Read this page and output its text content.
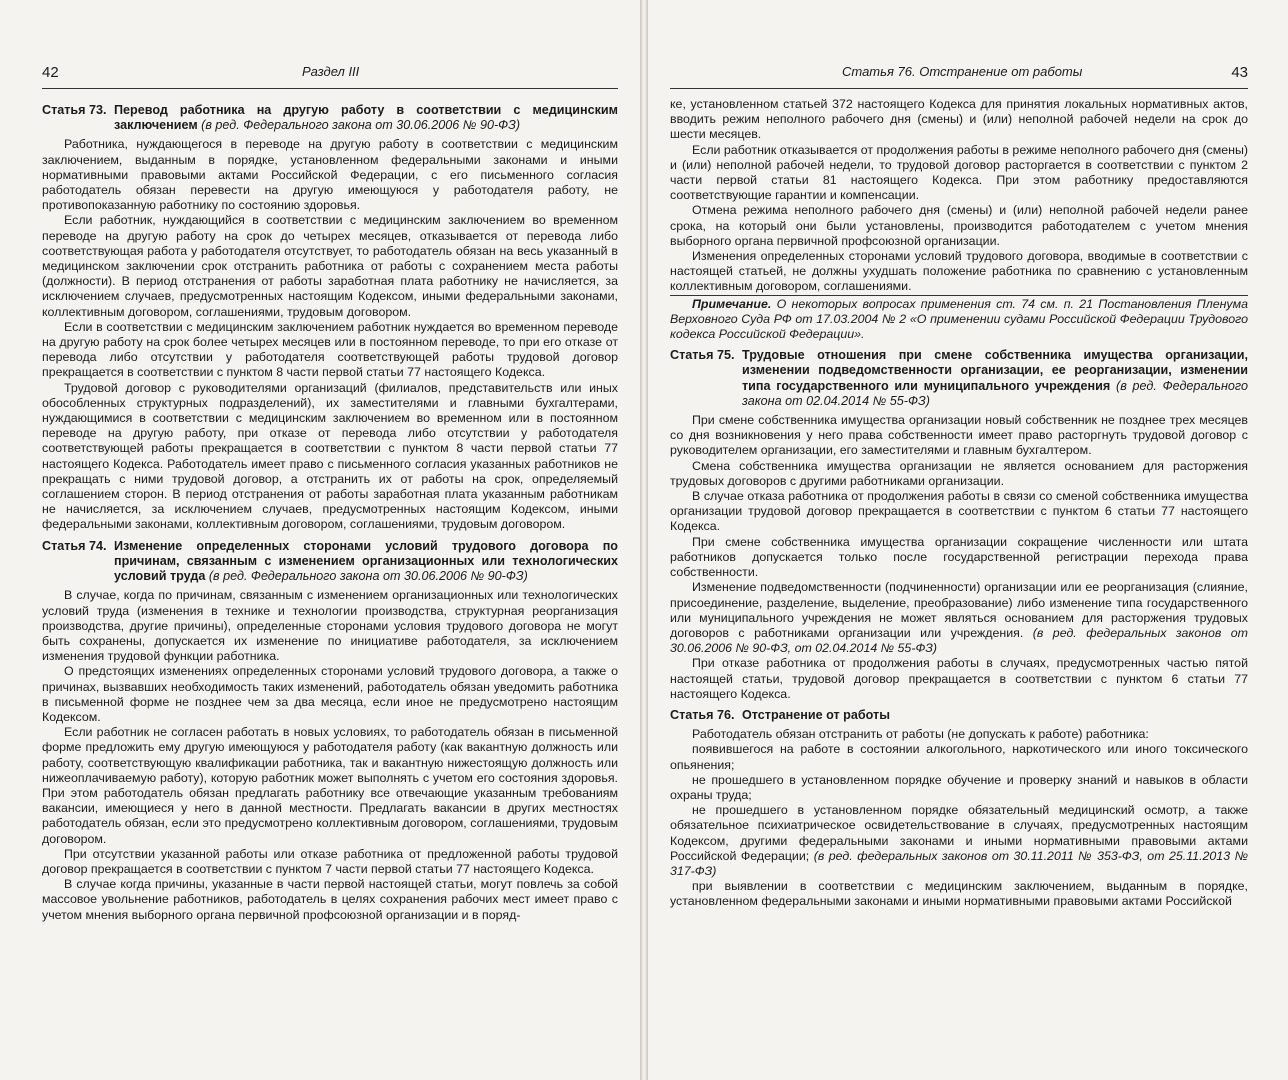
42	Раздел III
Статья 73. Перевод работника на другую работу в соответствии с медицинским заключением (в ред. Федерального закона от 30.06.2006 № 90-ФЗ)

Работника, нуждающегося в переводе на другую работу в соответствии с медицинским заключением, выданным в порядке, установленном федеральными законами и иными нормативными правовыми актами Российской Федерации, с его письменного согласия работодатель обязан перевести на другую имеющуюся у работодателя работу, не противопоказанную работнику по состоянию здоровья.

Если работник, нуждающийся в соответствии с медицинским заключением во временном переводе на другую работу на срок до четырех месяцев, отказывается от перевода либо соответствующая работа у работодателя отсутствует, то работодатель обязан на весь указанный в медицинском заключении срок отстранить работника от работы с сохранением места работы (должности). В период отстранения от работы заработная плата работнику не начисляется, за исключением случаев, предусмотренных настоящим Кодексом, иными федеральными законами, коллективным договором, соглашениями, трудовым договором.

Если в соответствии с медицинским заключением работник нуждается во временном переводе на другую работу на срок более четырех месяцев или в постоянном переводе, то при его отказе от перевода либо отсутствии у работодателя соответствующей работы трудовой договор прекращается в соответствии с пунктом 8 части первой статьи 77 настоящего Кодекса.

Трудовой договор с руководителями организаций (филиалов, представительств или иных обособленных структурных подразделений), их заместителями и главными бухгалтерами, нуждающимися в соответствии с медицинским заключением во временном или в постоянном переводе на другую работу, при отказе от перевода либо отсутствии у работодателя соответствующей работы прекращается в соответствии с пунктом 8 части первой статьи 77 настоящего Кодекса. Работодатель имеет право с письменного согласия указанных работников не прекращать с ними трудовой договор, а отстранить их от работы на срок, определяемый соглашением сторон. В период отстранения от работы заработная плата указанным работникам не начисляется, за исключением случаев, предусмотренных настоящим Кодексом, иными федеральными законами, коллективным договором, соглашениями, трудовым договором.

Статья 74. Изменение определенных сторонами условий трудового договора по причинам, связанным с изменением организационных или технологических условий труда (в ред. Федерального закона от 30.06.2006 № 90-ФЗ)

В случае, когда по причинам, связанным с изменением организационных или технологических условий труда (изменения в технике и технологии производства, структурная реорганизация производства, другие причины), определенные сторонами условия трудового договора не могут быть сохранены, допускается их изменение по инициативе работодателя, за исключением изменения трудовой функции работника.

О предстоящих изменениях определенных сторонами условий трудового договора, а также о причинах, вызвавших необходимость таких изменений, работодатель обязан уведомить работника в письменной форме не позднее чем за два месяца, если иное не предусмотрено настоящим Кодексом.

Если работник не согласен работать в новых условиях, то работодатель обязан в письменной форме предложить ему другую имеющуюся у работодателя работу (как вакантную должность или работу, соответствующую квалификации работника, так и вакантную нижестоящую должность или нижеоплачиваемую работу), которую работник может выполнять с учетом его состояния здоровья. При этом работодатель обязан предлагать работнику все отвечающие указанным требованиям вакансии, имеющиеся у него в данной местности. Предлагать вакансии в других местностях работодатель обязан, если это предусмотрено коллективным договором, соглашениями, трудовым договором.

При отсутствии указанной работы или отказе работника от предложенной работы трудовой договор прекращается в соответствии с пунктом 7 части первой статьи 77 настоящего Кодекса.

В случае когда причины, указанные в части первой настоящей статьи, могут повлечь за собой массовое увольнение работников, работодатель в целях сохранения рабочих мест имеет право с учетом мнения выборного органа первичной профсоюзной организации и в поряд-

Статья 76. Отстранение от работы	43

ке, установленном статьей 372 настоящего Кодекса для принятия локальных нормативных актов, вводить режим неполного рабочего дня (смены) и (или) неполной рабочей недели на срок до шести месяцев.

Если работник отказывается от продолжения работы в режиме неполного рабочего дня (смены) и (или) неполной рабочей недели, то трудовой договор расторгается в соответствии с пунктом 2 части первой статьи 81 настоящего Кодекса. При этом работнику предоставляются соответствующие гарантии и компенсации.

Отмена режима неполного рабочего дня (смены) и (или) неполной рабочей недели ранее срока, на который они были установлены, производится работодателем с учетом мнения выборного органа первичной профсоюзной организации.

Изменения определенных сторонами условий трудового договора, вводимые в соответствии с настоящей статьей, не должны ухудшать положение работника по сравнению с установленным коллективным договором, соглашениями.

Примечание. О некоторых вопросах применения ст. 74 см. п. 21 Постановления Пленума Верховного Суда РФ от 17.03.2004 № 2 «О применении судами Российской Федерации Трудового кодекса Российской Федерации».

Статья 75. Трудовые отношения при смене собственника имущества организации, изменении подведомственности организации, ее реорганизации, изменении типа государственного или муниципального учреждения (в ред. Федерального закона от 02.04.2014 № 55-ФЗ)

При смене собственника имущества организации новый собственник не позднее трех месяцев со дня возникновения у него права собственности имеет право расторгнуть трудовой договор с руководителем организации, его заместителями и главным бухгалтером.

Смена собственника имущества организации не является основанием для расторжения трудовых договоров с другими работниками организации.

В случае отказа работника от продолжения работы в связи со сменой собственника имущества организации трудовой договор прекращается в соответствии с пунктом 6 статьи 77 настоящего Кодекса.

При смене собственника имущества организации сокращение численности или штата работников допускается только после государственной регистрации перехода права собственности.

Изменение подведомственности (подчиненности) организации или ее реорганизация (слияние, присоединение, разделение, выделение, преобразование) либо изменение типа государственного или муниципального учреждения не может являться основанием для расторжения трудовых договоров с работниками организации или учреждения. (в ред. федеральных законов от 30.06.2006 № 90-ФЗ, от 02.04.2014 № 55-ФЗ)

При отказе работника от продолжения работы в случаях, предусмотренных частью пятой настоящей статьи, трудовой договор прекращается в соответствии с пунктом 6 статьи 77 настоящего Кодекса.

Статья 76. Отстранение от работы

Работодатель обязан отстранить от работы (не допускать к работе) работника:

появившегося на работе в состоянии алкогольного, наркотического или иного токсического опьянения;

не прошедшего в установленном порядке обучение и проверку знаний и навыков в области охраны труда;

не прошедшего в установленном порядке обязательный медицинский осмотр, а также обязательное психиатрическое освидетельствование в случаях, предусмотренных настоящим Кодексом, другими федеральными законами и иными нормативными правовыми актами Российской Федерации; (в ред. федеральных законов от 30.11.2011 № 353-ФЗ, от 25.11.2013 № 317-ФЗ)

при выявлении в соответствии с медицинским заключением, выданным в порядке, установленном федеральными законами и иными нормативными правовыми актами Российской
